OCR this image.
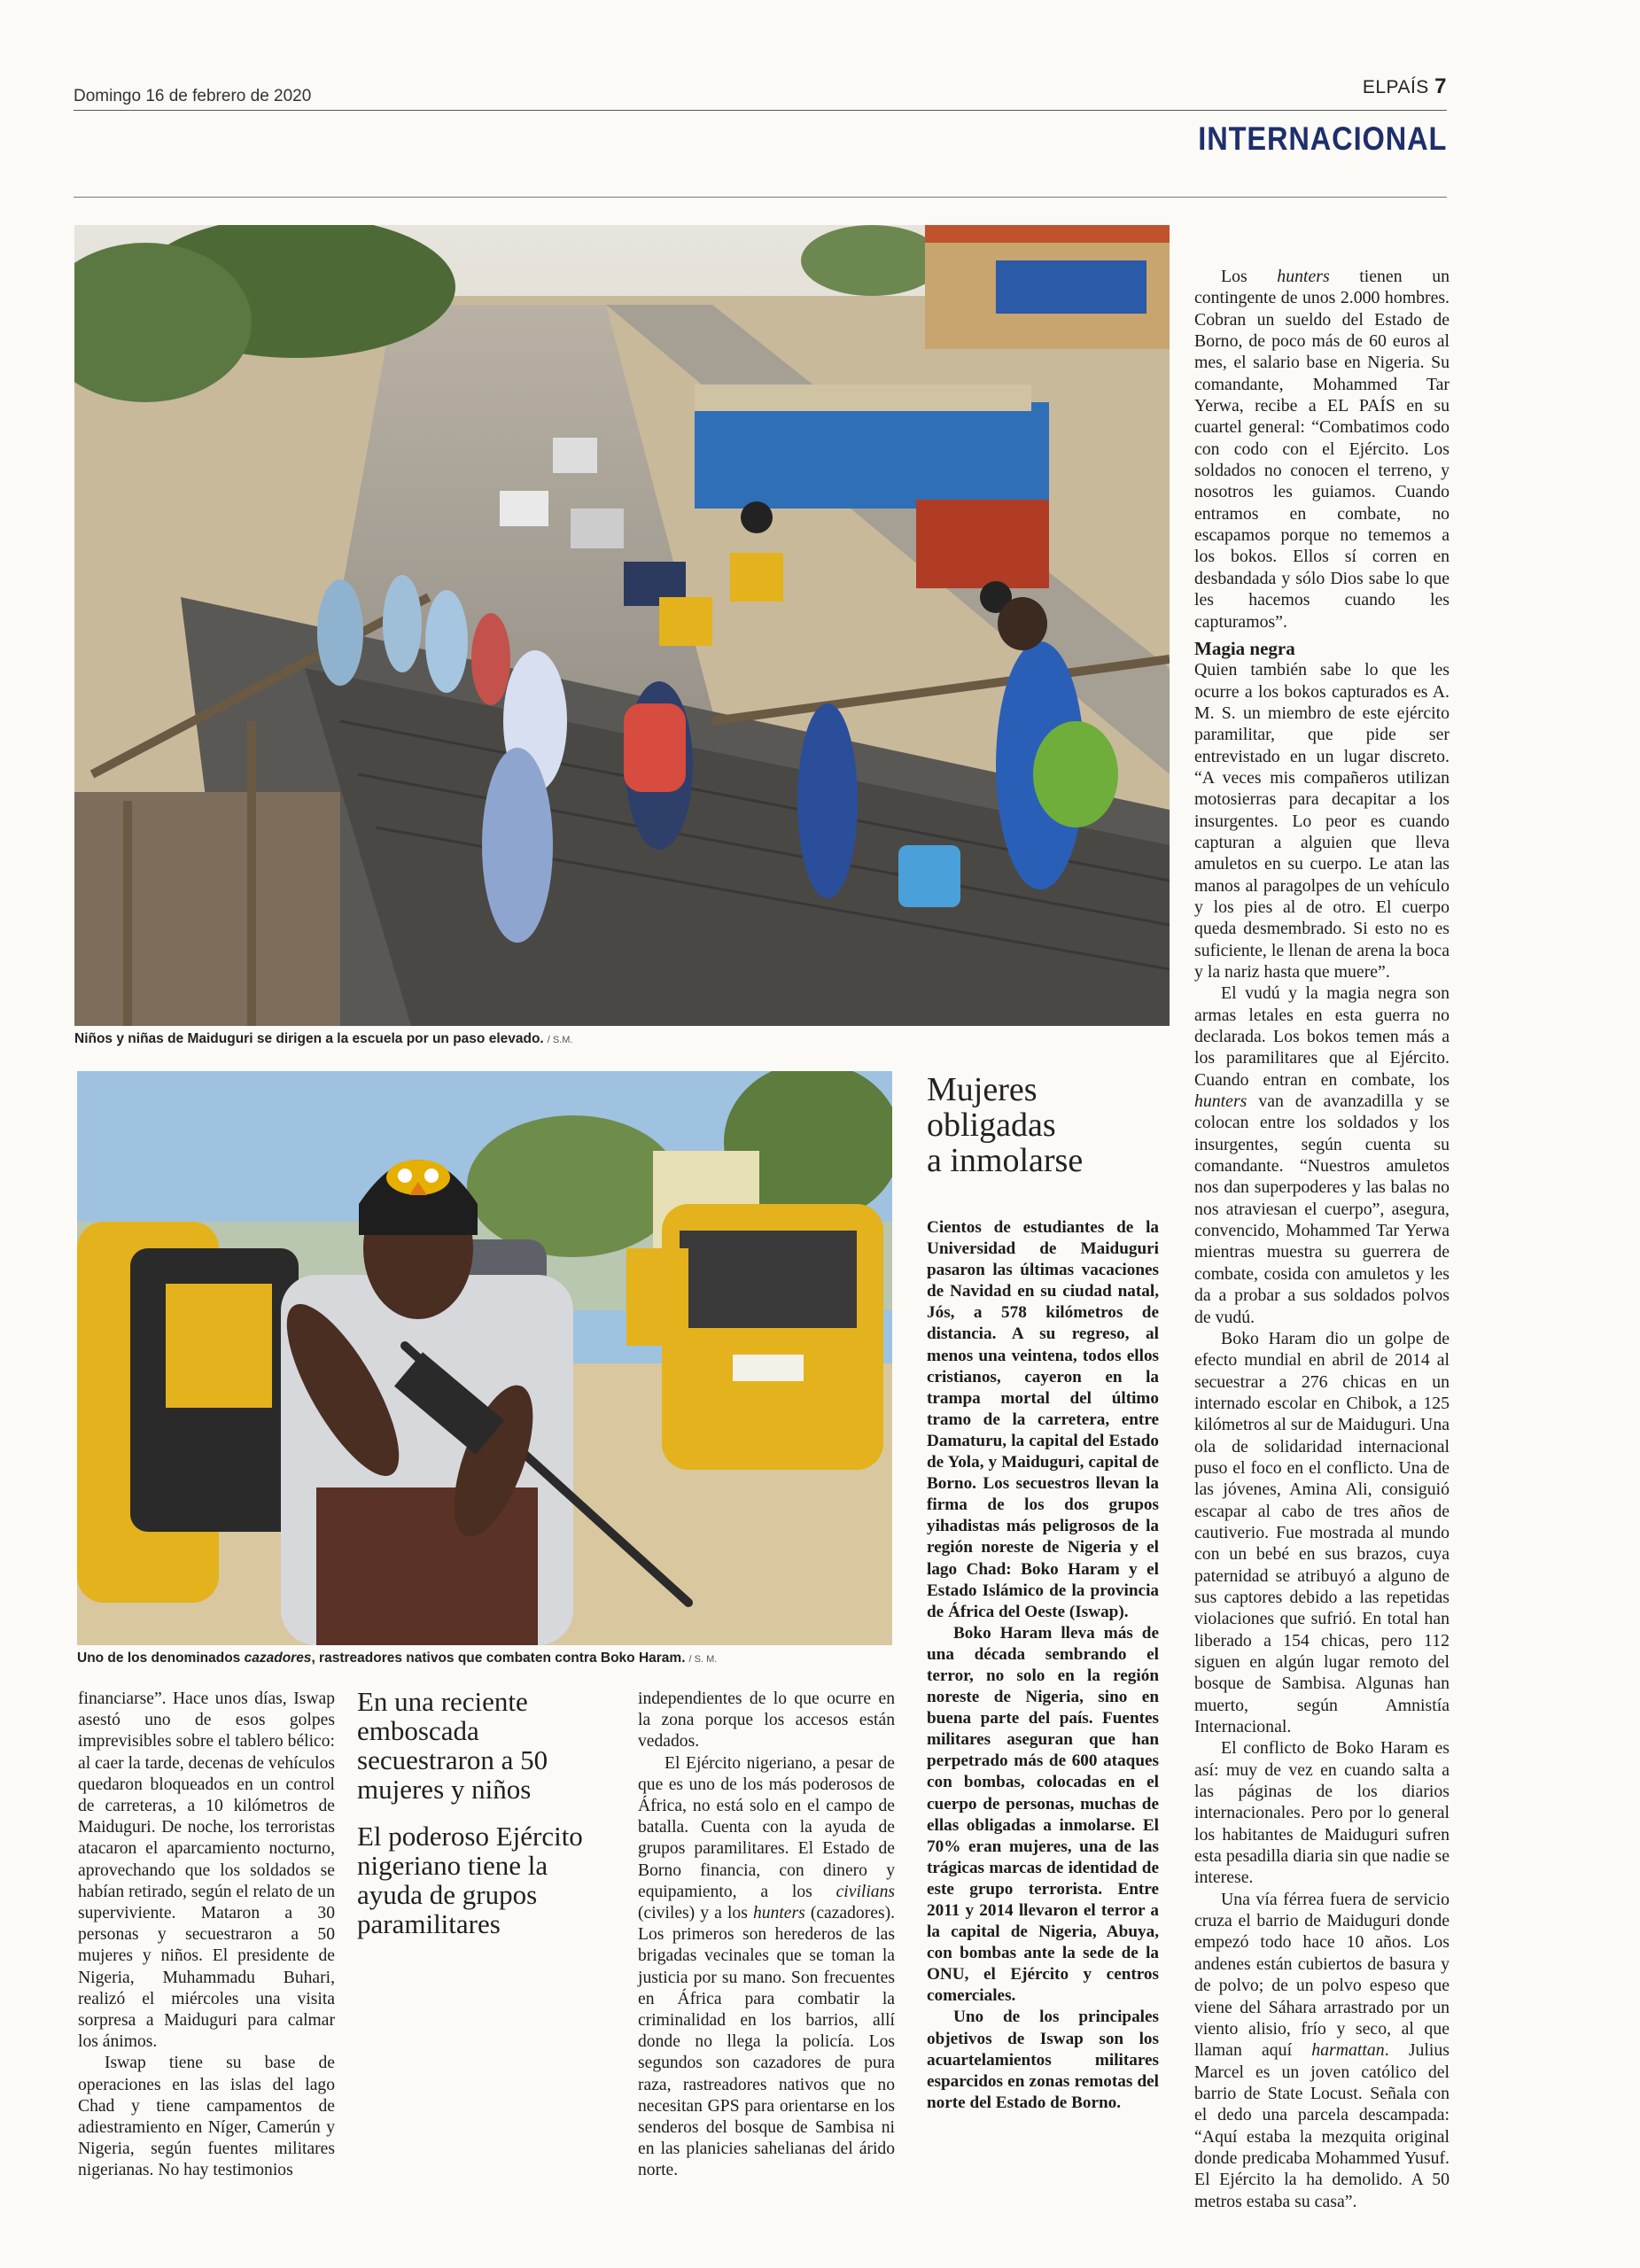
Domingo 16 de febrero de 2020	ELPAÍS 7
INTERNACIONAL
Niños y niñas de Maiduguri se dirigen a la escuela por un paso elevado. / S.M.
Uno de los denominados cazadores, rastreadores nativos que combaten contra Boko Haram. / S. M.
Mujeres
obligadas
a inmolarse

Cientos de estudiantes de la Universidad de Maiduguri pasaron las últimas vacaciones de Navidad en su ciudad natal, Jós, a 578 kilómetros de distancia. A su regreso, al menos una veintena, todos ellos cristianos, cayeron en la trampa mortal del último tramo de la carretera, entre Damaturu, la capital del Estado de Yola, y Maiduguri, capital de Borno. Los secuestros llevan la firma de los dos grupos yihadistas más peligrosos de la región noreste de Nigeria y el lago Chad: Boko Haram y el Estado Islámico de la provincia de África del Oeste (Iswap).

Boko Haram lleva más de una década sembrando el terror, no solo en la región noreste de Nigeria, sino en buena parte del país. Fuentes militares aseguran que han perpetrado más de 600 ataques con bombas, colocadas en el cuerpo de personas, muchas de ellas obligadas a inmolarse. El 70% eran mujeres, una de las trágicas marcas de identidad de este grupo terrorista. Entre 2011 y 2014 llevaron el terror a la capital de Nigeria, Abuya, con bombas ante la sede de la ONU, el Ejército y centros comerciales.

Uno de los principales objetivos de Iswap son los acuartelamientos militares esparcidos en zonas remotas del norte del Estado de Borno.

Los hunters tienen un contingente de unos 2.000 hombres. Cobran un sueldo del Estado de Borno, de poco más de 60 euros al mes, el salario base en Nigeria. Su comandante, Mohammed Tar Yerwa, recibe a EL PAÍS en su cuartel general: “Combatimos codo con codo con el Ejército. Los soldados no conocen el terreno, y nosotros les guiamos. Cuando entramos en combate, no escapamos porque no tememos a los bokos. Ellos sí corren en desbandada y sólo Dios sabe lo que les hacemos cuando les capturamos”.

Magia negra

Quien también sabe lo que les ocurre a los bokos capturados es A. M. S. un miembro de este ejército paramilitar, que pide ser entrevistado en un lugar discreto. “A veces mis compañeros utilizan motosierras para decapitar a los insurgentes. Lo peor es cuando capturan a alguien que lleva amuletos en su cuerpo. Le atan las manos al paragolpes de un vehículo y los pies al de otro. El cuerpo queda desmembrado. Si esto no es suficiente, le llenan de arena la boca y la nariz hasta que muere”.

El vudú y la magia negra son armas letales en esta guerra no declarada. Los bokos temen más a los paramilitares que al Ejército. Cuando entran en combate, los hunters van de avanzadilla y se colocan entre los soldados y los insurgentes, según cuenta su comandante. “Nuestros amuletos nos dan superpoderes y las balas no nos atraviesan el cuerpo”, asegura, convencido, Mohammed Tar Yerwa mientras muestra su guerrera de combate, cosida con amuletos y les da a probar a sus soldados polvos de vudú.

Boko Haram dio un golpe de efecto mundial en abril de 2014 al secuestrar a 276 chicas en un internado escolar en Chibok, a 125 kilómetros al sur de Maiduguri. Una ola de solidaridad internacional puso el foco en el conflicto. Una de las jóvenes, Amina Ali, consiguió escapar al cabo de tres años de cautiverio. Fue mostrada al mundo con un bebé en sus brazos, cuya paternidad se atribuyó a alguno de sus captores debido a las repetidas violaciones que sufrió. En total han liberado a 154 chicas, pero 112 siguen en algún lugar remoto del bosque de Sambisa. Algunas han muerto, según Amnistía Internacional.

El conflicto de Boko Haram es así: muy de vez en cuando salta a las páginas de los diarios internacionales. Pero por lo general los habitantes de Maiduguri sufren esta pesadilla diaria sin que nadie se interese.

Una vía férrea fuera de servicio cruza el barrio de Maiduguri donde empezó todo hace 10 años. Los andenes están cubiertos de basura y de polvo; de un polvo espeso que viene del Sáhara arrastrado por un viento alisio, frío y seco, al que llaman aquí harmattan. Julius Marcel es un joven católico del barrio de State Locust. Señala con el dedo una parcela descampada: “Aquí estaba la mezquita original donde predicaba Mohammed Yusuf. El Ejército la ha demolido. A 50 metros estaba su casa”.

financiarse”. Hace unos días, Iswap asestó uno de esos golpes imprevisibles sobre el tablero bélico: al caer la tarde, decenas de vehículos quedaron bloqueados en un control de carreteras, a 10 kilómetros de Maiduguri. De noche, los terroristas atacaron el aparcamiento nocturno, aprovechando que los soldados se habían retirado, según el relato de un superviviente. Mataron a 30 personas y secuestraron a 50 mujeres y niños. El presidente de Nigeria, Muhammadu Buhari, realizó el miércoles una visita sorpresa a Maiduguri para calmar los ánimos.

Iswap tiene su base de operaciones en las islas del lago Chad y tiene campamentos de adiestramiento en Níger, Camerún y Nigeria, según fuentes militares nigerianas. No hay testimonios

En una reciente emboscada secuestraron a 50 mujeres y niños
El poderoso Ejército nigeriano tiene la ayuda de grupos paramilitares

independientes de lo que ocurre en la zona porque los accesos están vedados.

El Ejército nigeriano, a pesar de que es uno de los más poderosos de África, no está solo en el campo de batalla. Cuenta con la ayuda de grupos paramilitares. El Estado de Borno financia, con dinero y equipamiento, a los civilians (civiles) y a los hunters (cazadores). Los primeros son herederos de las brigadas vecinales que se toman la justicia por su mano. Son frecuentes en África para combatir la criminalidad en los barrios, allí donde no llega la policía. Los segundos son cazadores de pura raza, rastreadores nativos que no necesitan GPS para orientarse en los senderos del bosque de Sambisa ni en las planicies sahelianas del árido norte.
